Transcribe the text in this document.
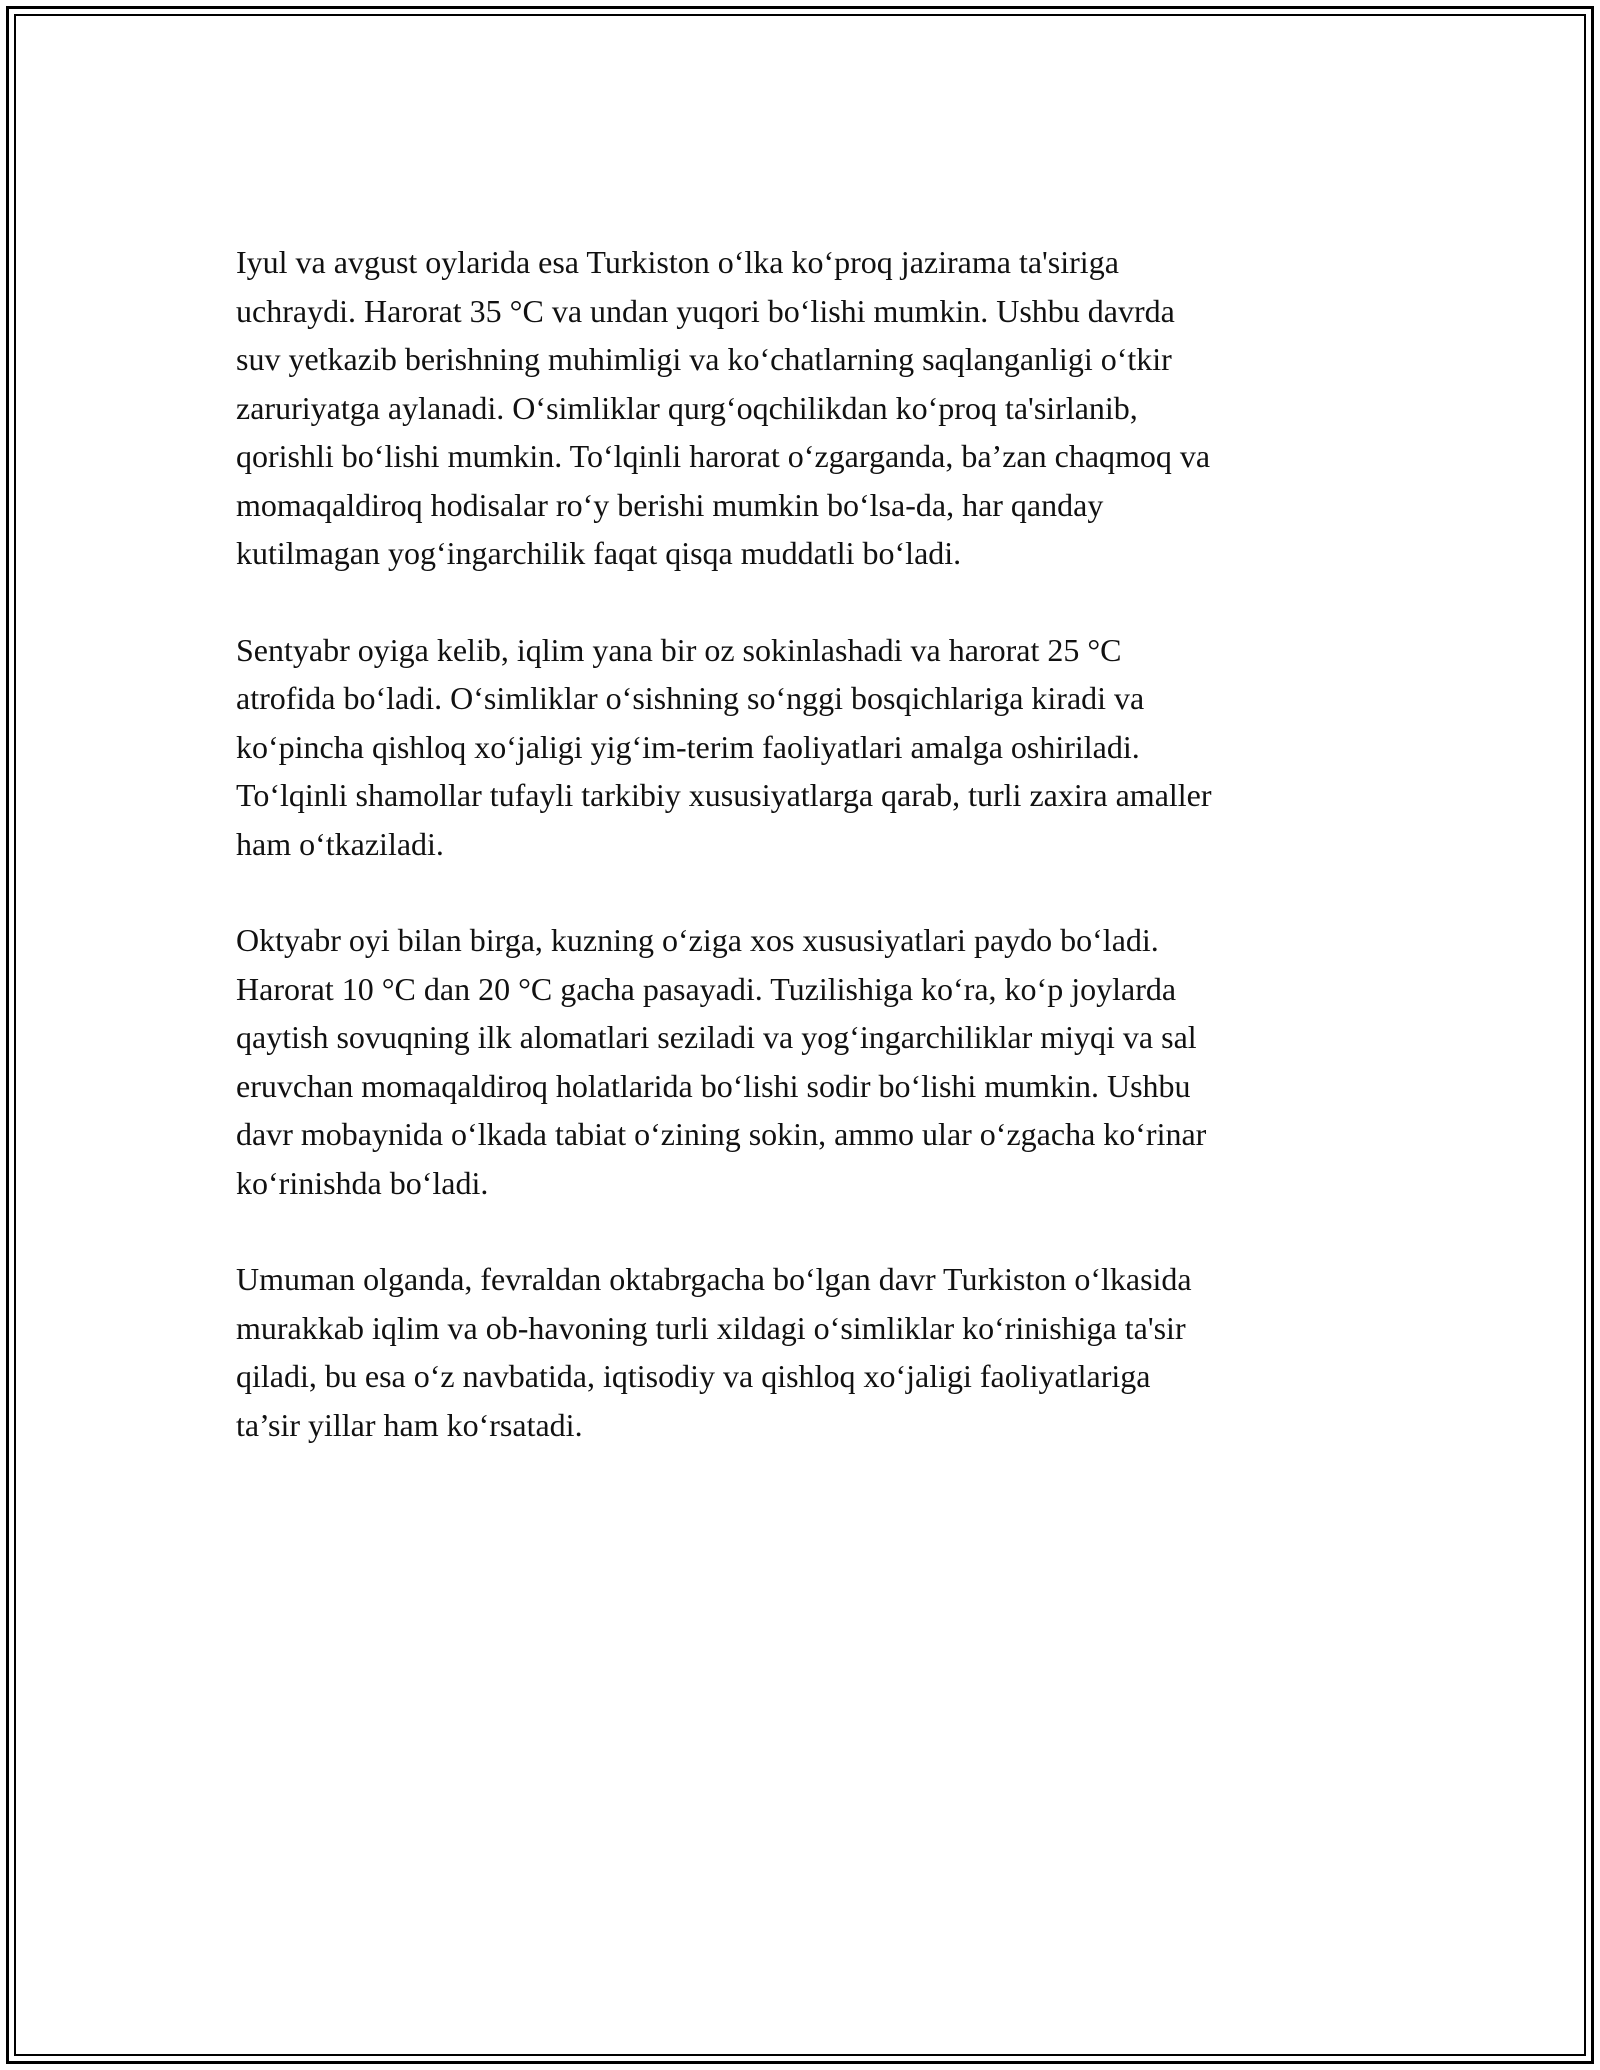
Iyul va avgust oylarida esa Turkiston o‘lka ko‘proq jazirama ta'siriga
uchraydi. Harorat 35 °C va undan yuqori bo‘lishi mumkin. Ushbu davrda
suv yetkazib berishning muhimligi va ko‘chatlarning saqlanganligi o‘tkir
zaruriyatga aylanadi. O‘simliklar qurg‘oqchilikdan ko‘proq ta'sirlanib,
qorishli bo‘lishi mumkin. To‘lqinli harorat o‘zgarganda, ba’zan chaqmoq va
momaqaldiroq hodisalar ro‘y berishi mumkin bo‘lsa-da, har qanday
kutilmagan yog‘ingarchilik faqat qisqa muddatli bo‘ladi.

Sentyabr oyiga kelib, iqlim yana bir oz sokinlashadi va harorat 25 °C
atrofida bo‘ladi. O‘simliklar o‘sishning so‘nggi bosqichlariga kiradi va
ko‘pincha qishloq xo‘jaligi yig‘im-terim faoliyatlari amalga oshiriladi.
To‘lqinli shamollar tufayli tarkibiy xususiyatlarga qarab, turli zaxira amaller
ham o‘tkaziladi.

Oktyabr oyi bilan birga, kuzning o‘ziga xos xususiyatlari paydo bo‘ladi.
Harorat 10 °C dan 20 °C gacha pasayadi. Tuzilishiga ko‘ra, ko‘p joylarda
qaytish sovuqning ilk alomatlari seziladi va yog‘ingarchiliklar miyqi va sal
eruvchan momaqaldiroq holatlarida bo‘lishi sodir bo‘lishi mumkin. Ushbu
davr mobaynida o‘lkada tabiat o‘zining sokin, ammo ular o‘zgacha ko‘rinar
ko‘rinishda bo‘ladi.

Umuman olganda, fevraldan oktabrgacha bo‘lgan davr Turkiston o‘lkasida
murakkab iqlim va ob-havoning turli xildagi o‘simliklar ko‘rinishiga ta'sir
qiladi, bu esa o‘z navbatida, iqtisodiy va qishloq xo‘jaligi faoliyatlariga
ta’sir yillar ham ko‘rsatadi.
